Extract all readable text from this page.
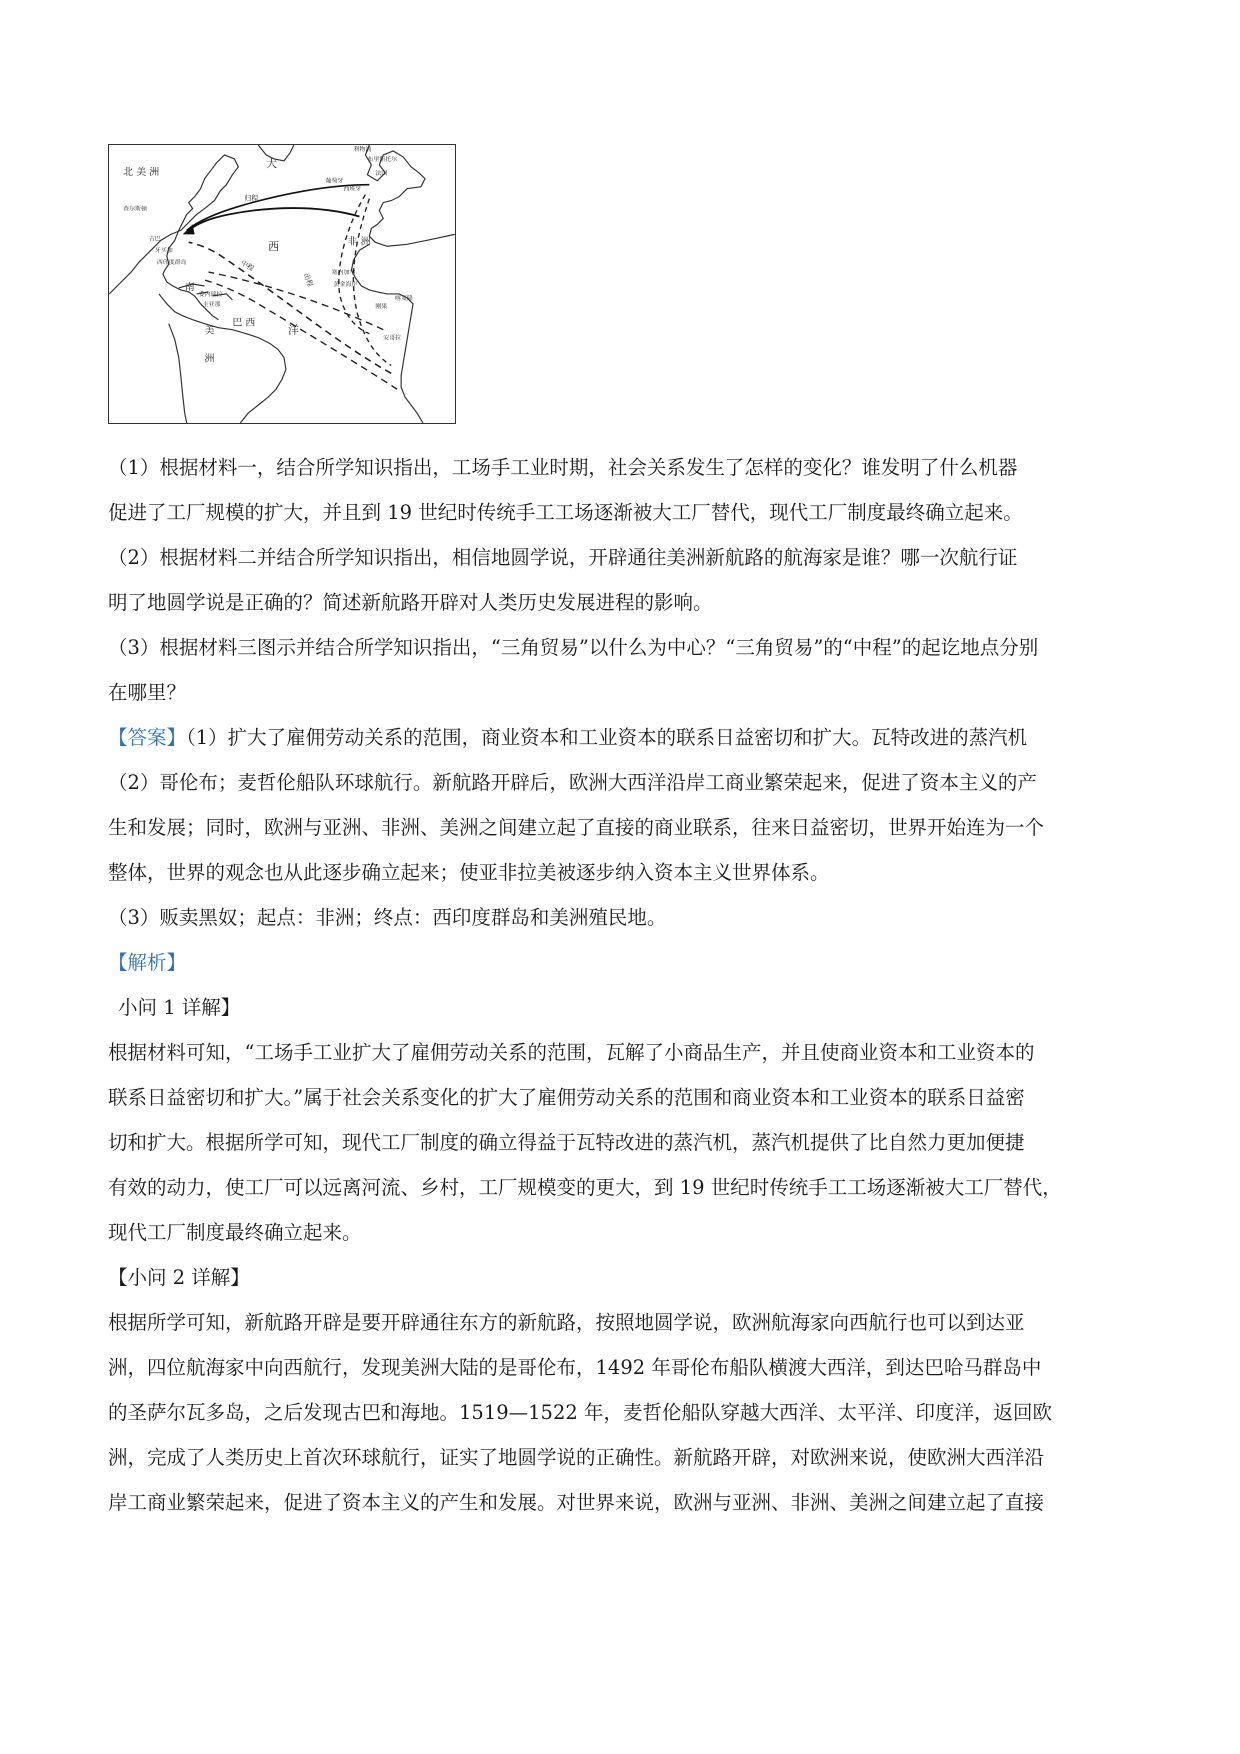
北 美 洲
大
西
洋
非 洲
南
美
洲
巴 西
利物浦
布里斯托尔
法国
葡萄牙
西班牙
查尔斯顿
古巴
牙买加
西印度群岛
委内瑞拉
圭亚那
塞内加尔
黄金海岸
刚果
安哥拉
喀麦隆
归程
中程
出程
（1）根据材料一，结合所学知识指出，工场手工业时期，社会关系发生了怎样的变化？谁发明了什么机器
促进了工厂规模的扩大，并且到 19 世纪时传统手工工场逐渐被大工厂替代，现代工厂制度最终确立起来。
（2）根据材料二并结合所学知识指出，相信地圆学说，开辟通往美洲新航路的航海家是谁？哪一次航行证
明了地圆学说是正确的？简述新航路开辟对人类历史发展进程的影响。
（3）根据材料三图示并结合所学知识指出，“三角贸易”以什么为中心？“三角贸易”的“中程”的起讫地点分别
在哪里？
【答案】（1）扩大了雇佣劳动关系的范围，商业资本和工业资本的联系日益密切和扩大。瓦特改进的蒸汽机
（2）哥伦布；麦哲伦船队环球航行。新航路开辟后，欧洲大西洋沿岸工商业繁荣起来，促进了资本主义的产
生和发展；同时，欧洲与亚洲、非洲、美洲之间建立起了直接的商业联系，往来日益密切，世界开始连为一个
整体，世界的观念也从此逐步确立起来；使亚非拉美被逐步纳入资本主义世界体系。
（3）贩卖黑奴；起点：非洲；终点：西印度群岛和美洲殖民地。
【解析】
小问 1 详解】
根据材料可知，“工场手工业扩大了雇佣劳动关系的范围，瓦解了小商品生产，并且使商业资本和工业资本的
联系日益密切和扩大。”属于社会关系变化的扩大了雇佣劳动关系的范围和商业资本和工业资本的联系日益密
切和扩大。根据所学可知，现代工厂制度的确立得益于瓦特改进的蒸汽机，蒸汽机提供了比自然力更加便捷
有效的动力，使工厂可以远离河流、乡村，工厂规模变的更大，到 19 世纪时传统手工工场逐渐被大工厂替代，
现代工厂制度最终确立起来。
【小问 2 详解】
根据所学可知，新航路开辟是要开辟通往东方的新航路，按照地圆学说，欧洲航海家向西航行也可以到达亚
洲，四位航海家中向西航行，发现美洲大陆的是哥伦布，1492 年哥伦布船队横渡大西洋，到达巴哈马群岛中
的圣萨尔瓦多岛，之后发现古巴和海地。1519—1522 年，麦哲伦船队穿越大西洋、太平洋、印度洋，返回欧
洲，完成了人类历史上首次环球航行，证实了地圆学说的正确性。新航路开辟，对欧洲来说，使欧洲大西洋沿
岸工商业繁荣起来，促进了资本主义的产生和发展。对世界来说，欧洲与亚洲、非洲、美洲之间建立起了直接
